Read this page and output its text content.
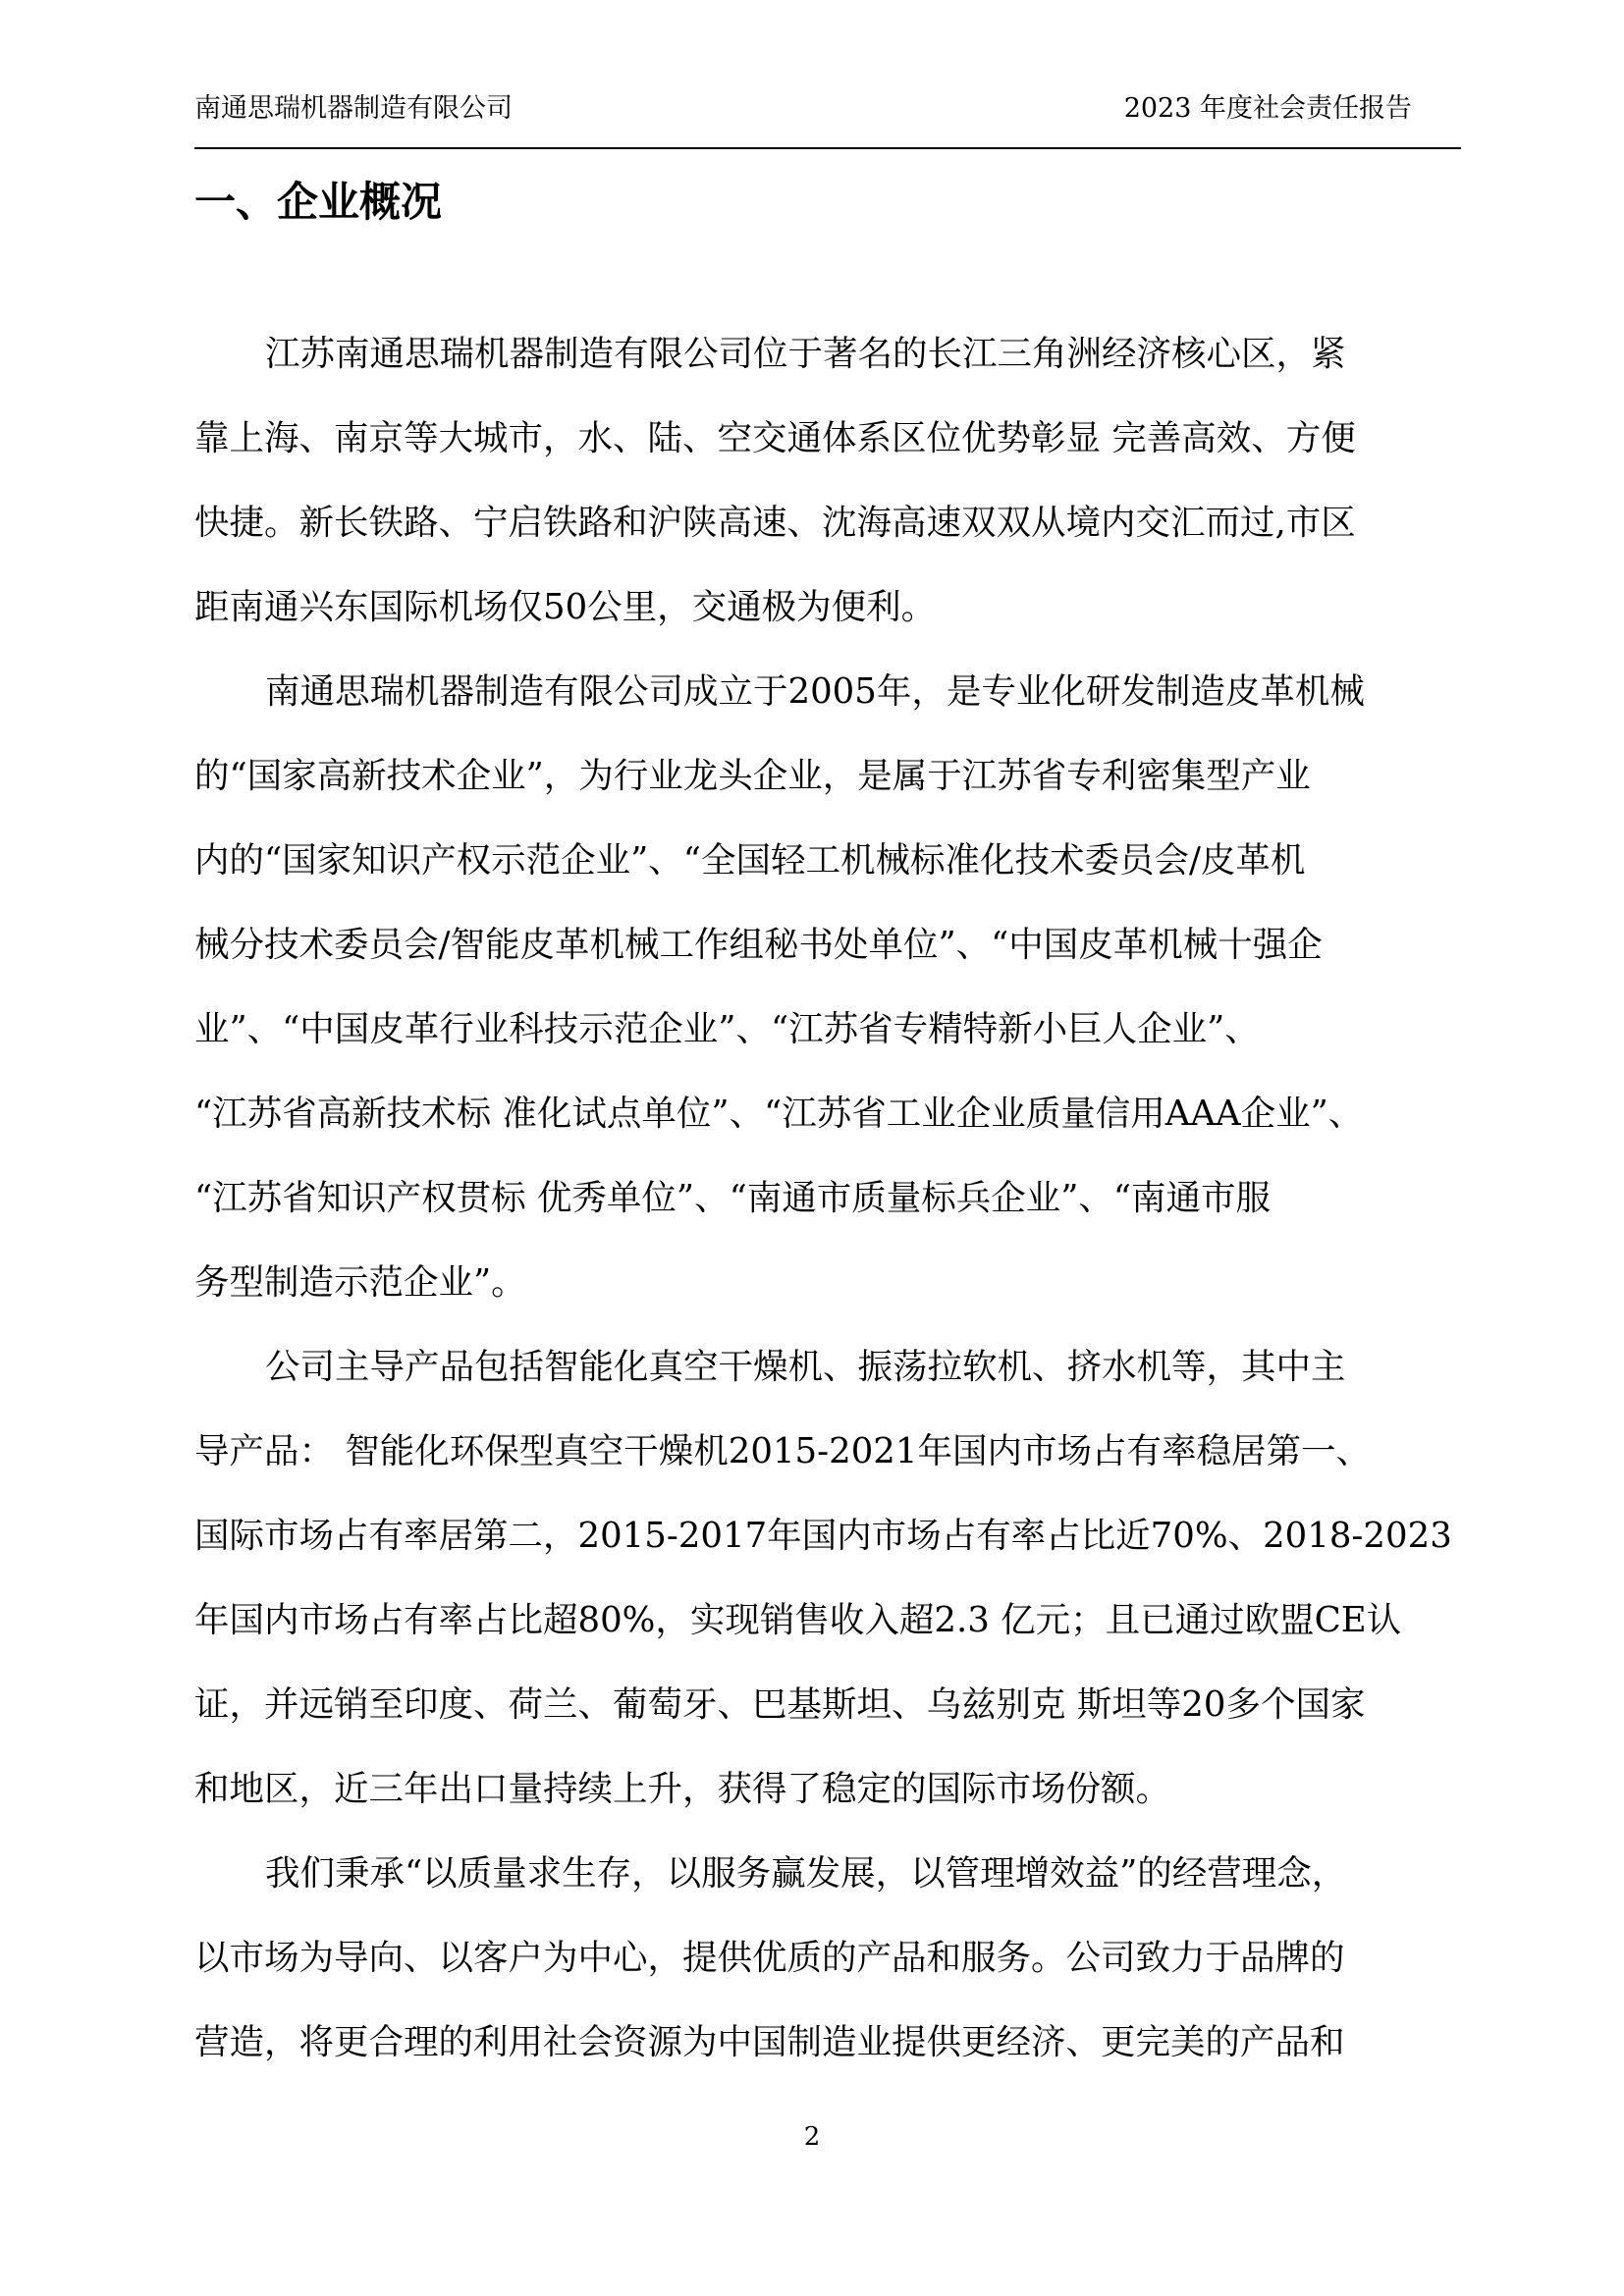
南通思瑞机器制造有限公司	2023 年度社会责任报告
一、企业概况
江苏南通思瑞机器制造有限公司位于著名的长江三角洲经济核心区，紧
靠上海、南京等大城市，水、陆、空交通体系区位优势彰显 完善高效、方便
快捷。新长铁路、宁启铁路和沪陕高速、沈海高速双双从境内交汇而过,市区
距南通兴东国际机场仅50公里，交通极为便利。
南通思瑞机器制造有限公司成立于2005年，是专业化研发制造皮革机械
的“国家高新技术企业”，为行业龙头企业，是属于江苏省专利密集型产业
内的“国家知识产权示范企业”、“全国轻工机械标准化技术委员会/皮革机
械分技术委员会/智能皮革机械工作组秘书处单位”、“中国皮革机械十强企
业”、“中国皮革行业科技示范企业”、“江苏省专精特新小巨人企业”、
“江苏省高新技术标 准化试点单位”、“江苏省工业企业质量信用AAA企业”、
“江苏省知识产权贯标 优秀单位”、“南通市质量标兵企业”、“南通市服
务型制造示范企业”。
公司主导产品包括智能化真空干燥机、振荡拉软机、挤水机等，其中主
导产品： 智能化环保型真空干燥机2015-2021年国内市场占有率稳居第一、
国际市场占有率居第二，2015-2017年国内市场占有率占比近70%、2018-2023
年国内市场占有率占比超80%，实现销售收入超2.3 亿元；且已通过欧盟CE认
证，并远销至印度、荷兰、葡萄牙、巴基斯坦、乌兹别克 斯坦等20多个国家
和地区，近三年出口量持续上升，获得了稳定的国际市场份额。
我们秉承“以质量求生存，以服务赢发展，以管理增效益”的经营理念，
以市场为导向、以客户为中心，提供优质的产品和服务。公司致力于品牌的
营造，将更合理的利用社会资源为中国制造业提供更经济、更完美的产品和
2
